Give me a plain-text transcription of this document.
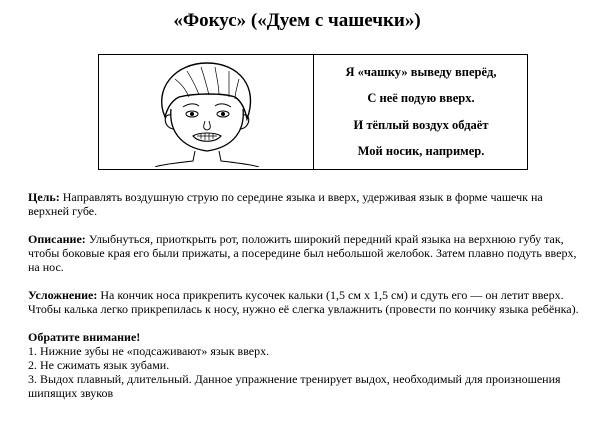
«Фокус» («Дуем с чашечки»)
Я «чашку» выведу вперёд,
С неё подую вверх.
И тёплый воздух обдаёт
Мой носик, например.

Цель: Направлять воздушную струю по середине языка и вверх, удерживая язык в форме чашечк на верхней губе.

Описание: Улыбнуться, приоткрыть рот, положить широкий передний край языка на верхнюю губу так, чтобы боковые края его были прижаты, а посередине был небольшой желобок. Затем плавно подуть вверх, на нос.

Усложнение: На кончик носа прикрепить кусочек кальки (1,5 см х 1,5 см) и сдуть его — он летит вверх. Чтобы калька легко прикрепилась к носу, нужно её слегка увлажнить (провести по кончику языка ребёнка).

Обратите внимание!
1. Нижние зубы не «подсаживают» язык вверх.
2. Не сжимать язык зубами.
3. Выдох плавный, длительный. Данное упражнение тренирует выдох, необходимый для произношения шипящих звуков
